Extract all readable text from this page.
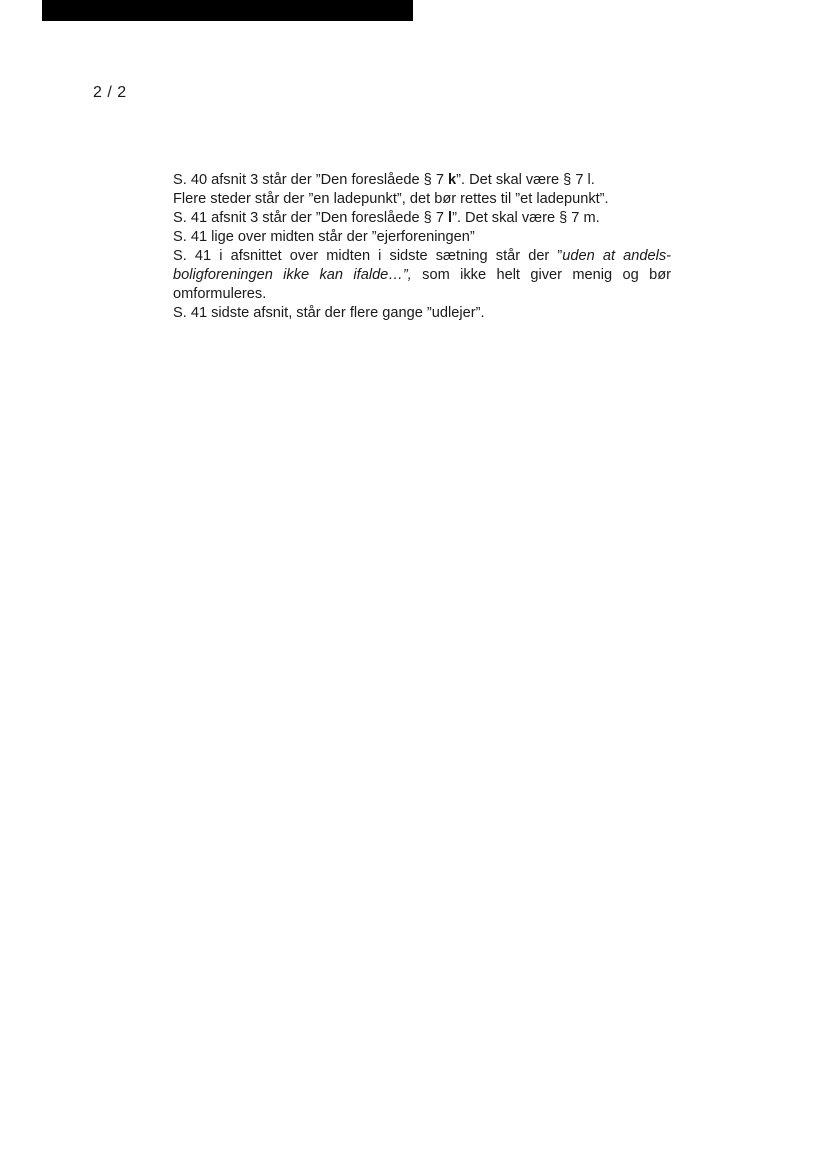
2 / 2

S. 40 afsnit 3 står der ”Den foreslåede § 7 k”. Det skal være § 7 l.

Flere steder står der ”en ladepunkt”, det bør rettes til ”et ladepunkt”.

S. 41 afsnit 3 står der ”Den foreslåede § 7 l”. Det skal være § 7 m.

S. 41 lige over midten står der ”ejerforeningen”

S. 41 i afsnittet over midten i sidste sætning står der ”uden at andelsboligforeningen ikke kan ifalde…”, som ikke helt giver menig og bør omformuleres.

S. 41 sidste afsnit, står der flere gange ”udlejer”.
